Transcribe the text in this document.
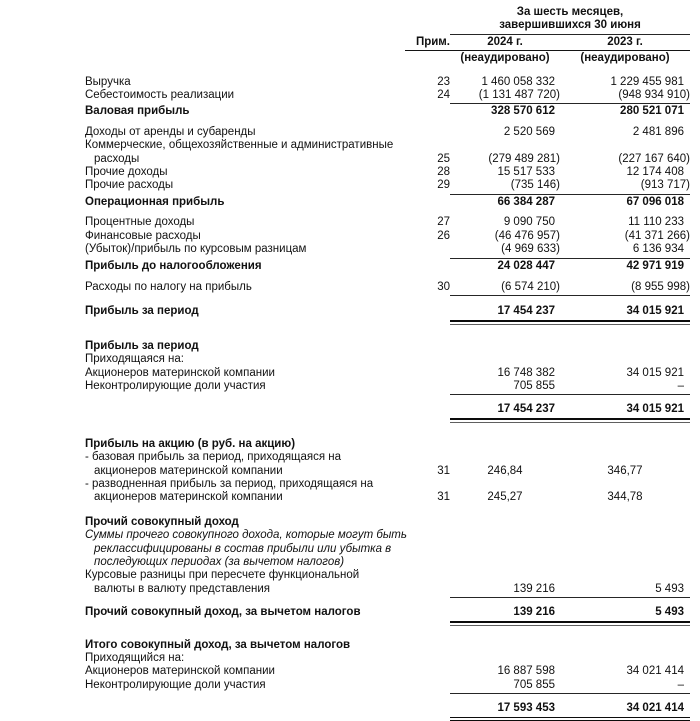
За шесть месяцев,
завершившихся 30 июня
Прим.	2024 г.	2023 г.
(неаудировано)	(неаудировано)
Выручка	23	1 460 058 332	1 229 455 981
Себестоимость реализации	24	(1 131 487 720)	(948 934 910)
Валовая прибыль	328 570 612	280 521 071
Доходы от аренды и субаренды	2 520 569	2 481 896
Коммерческие, общехозяйственные и административные
расходы	25	(279 489 281)	(227 167 640)
Прочие доходы	28	15 517 533	12 174 408
Прочие расходы	29	(735 146)	(913 717)
Операционная прибыль	66 384 287	67 096 018
Процентные доходы	27	9 090 750	11 110 233
Финансовые расходы	26	(46 476 957)	(41 371 266)
(Убыток)/прибыль по курсовым разницам	(4 969 633)	6 136 934
Прибыль до налогообложения	24 028 447	42 971 919
Расходы по налогу на прибыль	30	(6 574 210)	(8 955 998)
Прибыль за период	17 454 237	34 015 921
Прибыль за период
Приходящаяся на:
Акционеров материнской компании	16 748 382	34 015 921
Неконтролирующие доли участия	705 855	–
17 454 237	34 015 921
Прибыль на акцию (в руб. на акцию)
- базовая прибыль за период, приходящаяся на
акционеров материнской компании	31	246,84	346,77
- разводненная прибыль за период, приходящаяся на
акционеров материнской компании	31	245,27	344,78
Прочий совокупный доход
Суммы прочего совокупного дохода, которые могут быть
реклассифицированы в состав прибыли или убытка в
последующих периодах (за вычетом налогов)
Курсовые разницы при пересчете функциональной
валюты в валюту представления	139 216	5 493
Прочий совокупный доход, за вычетом налогов	139 216	5 493
Итого совокупный доход, за вычетом налогов
Приходящийся на:
Акционеров материнской компании	16 887 598	34 021 414
Неконтролирующие доли участия	705 855	–
17 593 453	34 021 414
